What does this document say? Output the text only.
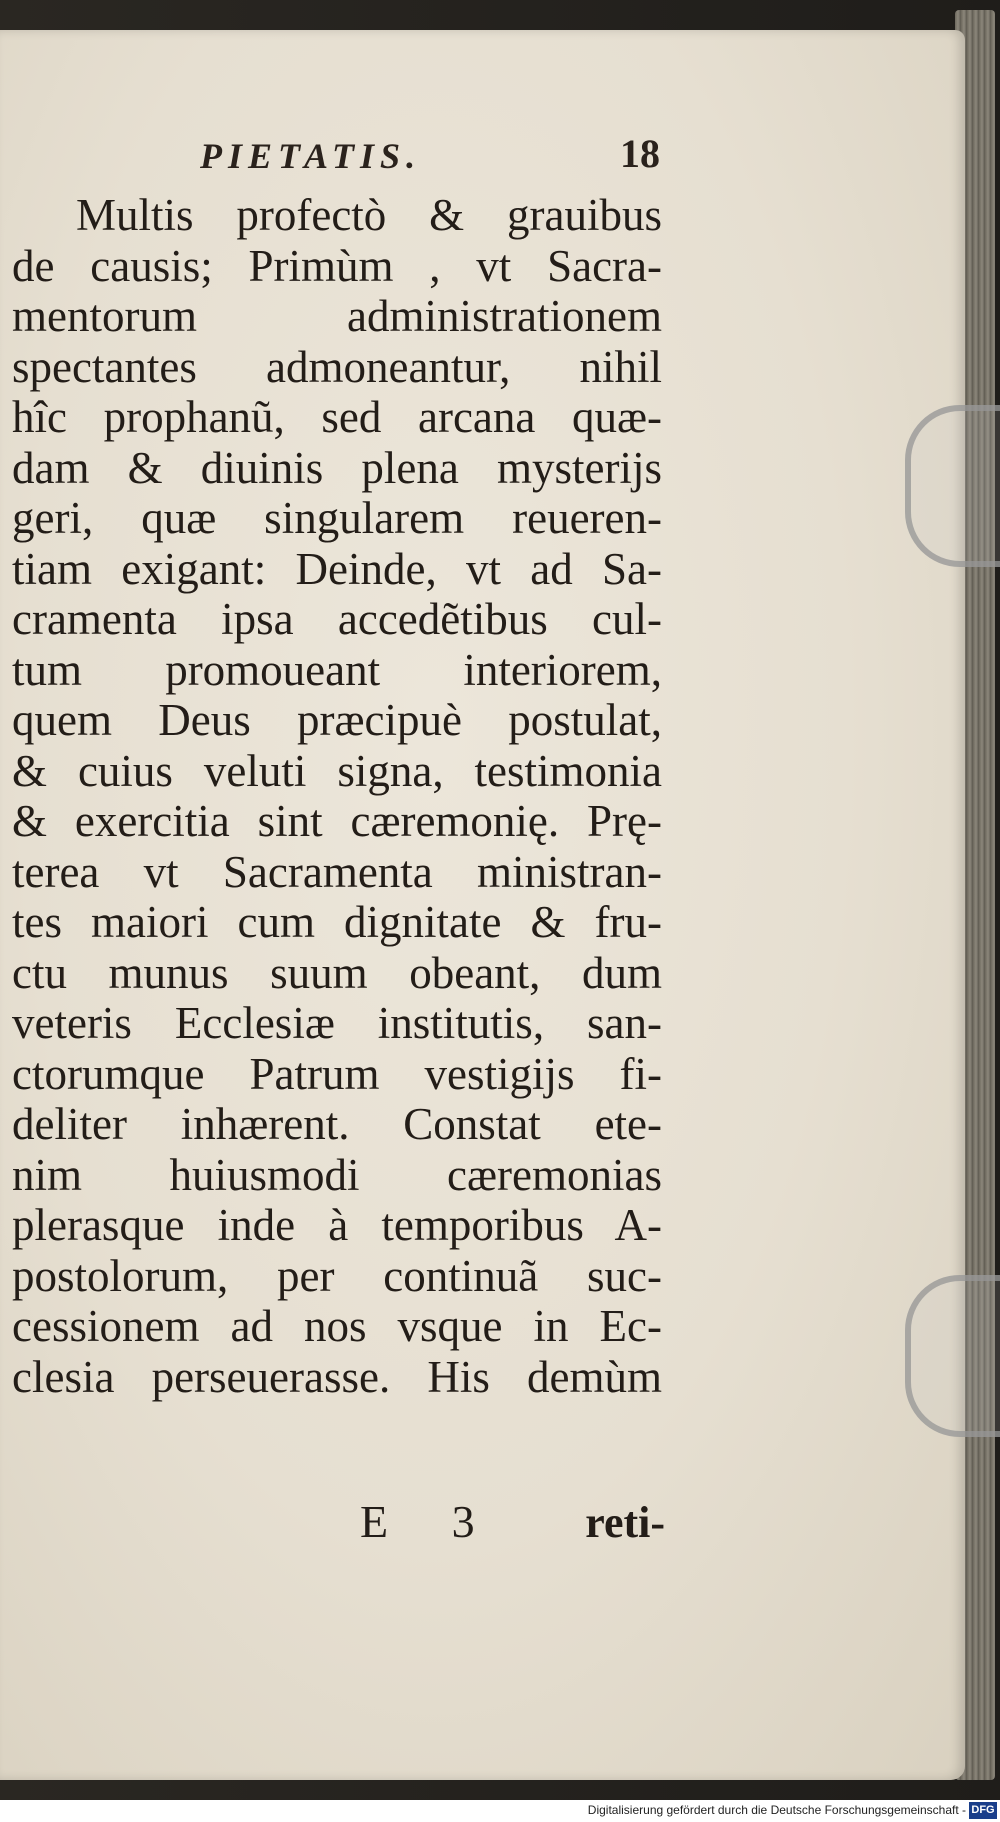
PIETATIS.	18
Multis profectò & grauibus
de causis; Primùm , vt Sacra-
mentorum administrationem
spectantes admoneantur, nihil
hîc prophanũ, sed arcana quæ-
dam & diuinis plena mysterijs
geri, quæ singularem reueren-
tiam exigant: Deinde, vt ad Sa-
cramenta ipsa accedẽtibus cul-
tum promoueant interiorem,
quem Deus præcipuè postulat,
& cuius veluti signa, testimonia
& exercitia sint cæremonię. Prę-
terea vt Sacramenta ministran-
tes maiori cum dignitate & fru-
ctu munus suum obeant, dum
veteris Ecclesiæ institutis, san-
ctorumque Patrum vestigijs fi-
deliter inhærent. Constat ete-
nim huiusmodi cæremonias
plerasque inde à temporibus A-
postolorum, per continuã suc-
cessionem ad nos vsque in Ec-
clesia perseuerasse. His demùm
E 3 reti-
Digitalisierung gefördert durch die Deutsche Forschungsgemeinschaft - DFG
